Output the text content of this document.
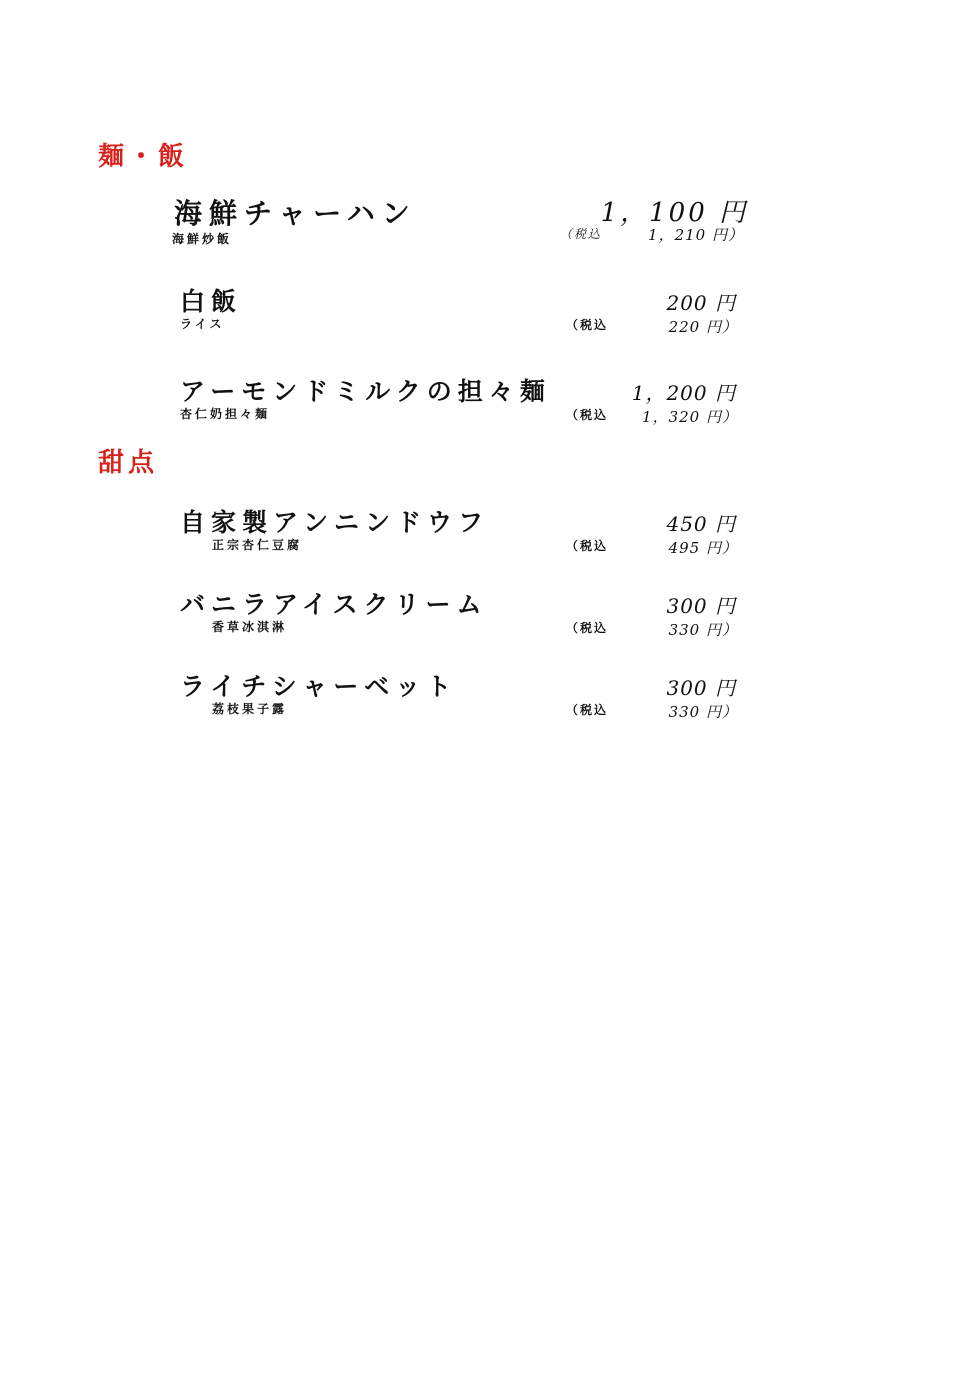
麺・飯
海鮮チャーハン
海鮮炒飯
1，100 円
（税込	1，210 円）
白飯
ライス
200 円
（税込	220 円）
アーモンドミルクの担々麺
杏仁奶担々麺
1，200 円
（税込 1，320 円）
甜点
自家製アンニンドウフ
正宗杏仁豆腐
450 円
（税込	495 円）
バニラアイスクリーム
香草冰淇淋
300 円
（税込	330 円）
ライチシャーベット
荔枝果子露
300 円
（税込	330 円）
